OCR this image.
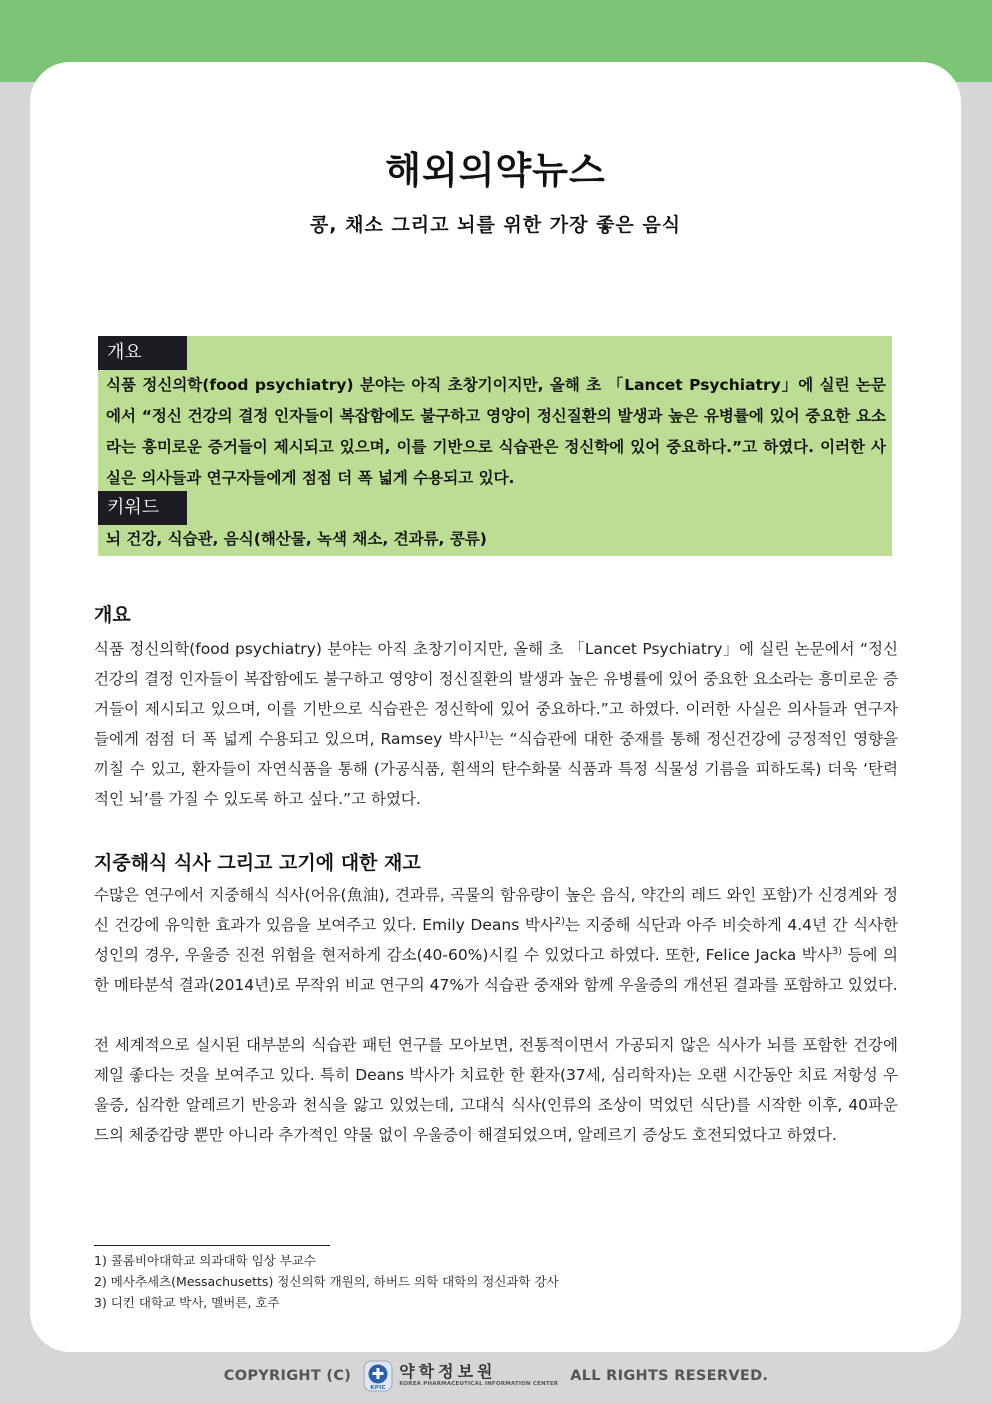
해외의약뉴스
콩, 채소 그리고 뇌를 위한 가장 좋은 음식
개요
식품 정신의학(food psychiatry) 분야는 아직 초창기이지만, 올해 초 「Lancet Psychiatry」에 실린 논문에서 “정신 건강의 결정 인자들이 복잡함에도 불구하고 영양이 정신질환의 발생과 높은 유병률에 있어 중요한 요소라는 흥미로운 증거들이 제시되고 있으며, 이를 기반으로 식습관은 정신학에 있어 중요하다.”고 하였다. 이러한 사실은 의사들과 연구자들에게 점점 더 폭 넓게 수용되고 있다.
키워드
뇌 건강, 식습관, 음식(해산물, 녹색 채소, 견과류, 콩류)
개요
식품 정신의학(food psychiatry) 분야는 아직 초창기이지만, 올해 초 「Lancet Psychiatry」에 실린 논문에서 “정신 건강의 결정 인자들이 복잡함에도 불구하고 영양이 정신질환의 발생과 높은 유병률에 있어 중요한 요소라는 흥미로운 증거들이 제시되고 있으며, 이를 기반으로 식습관은 정신학에 있어 중요하다.”고 하였다. 이러한 사실은 의사들과 연구자들에게 점점 더 폭 넓게 수용되고 있으며, Ramsey 박사$^{1)}$는 “식습관에 대한 중재를 통해 정신건강에 긍정적인 영향을 끼칠 수 있고, 환자들이 자연식품을 통해 (가공식품, 흰색의 탄수화물 식품과 특정 식물성 기름을 피하도록) 더욱 ‘탄력적인 뇌’를 가질 수 있도록 하고 싶다.”고 하였다.
지중해식 식사 그리고 고기에 대한 재고
수많은 연구에서 지중해식 식사(어유(魚油), 견과류, 곡물의 함유량이 높은 음식, 약간의 레드 와인 포함)가 신경계와 정신 건강에 유익한 효과가 있음을 보여주고 있다. Emily Deans 박사$^{2)}$는 지중해 식단과 아주 비슷하게 4.4년 간 식사한 성인의 경우, 우울증 진전 위험을 현저하게 감소(40-60%)시킬 수 있었다고 하였다. 또한, Felice Jacka 박사$^{3)}$ 등에 의한 메타분석 결과(2014년)로 무작위 비교 연구의 47%가 식습관 중재와 함께 우울증의 개선된 결과를 포함하고 있었다.
전 세계적으로 실시된 대부분의 식습관 패턴 연구를 모아보면, 전통적이면서 가공되지 않은 식사가 뇌를 포함한 건강에 제일 좋다는 것을 보여주고 있다. 특히 Deans 박사가 치료한 한 환자(37세, 심리학자)는 오랜 시간동안 치료 저항성 우울증, 심각한 알레르기 반응과 천식을 앓고 있었는데, 고대식 식사(인류의 조상이 먹었던 식단)를 시작한 이후, 40파운드의 체중감량 뿐만 아니라 추가적인 약물 없이 우울증이 해결되었으며, 알레르기 증상도 호전되었다고 하였다.
1) 콜롬비아대학교 의과대학 임상 부교수
2) 메사추세츠(Messachusetts) 정신의학 개원의, 하버드 의학 대학의 정신과학 강사
3) 디킨 대학교 박사, 멜버른, 호주
COPYRIGHT (C)
KPIC
약학정보원
KOREA PHARMACEUTICAL INFORMATION CENTER
ALL RIGHTS RESERVED.
